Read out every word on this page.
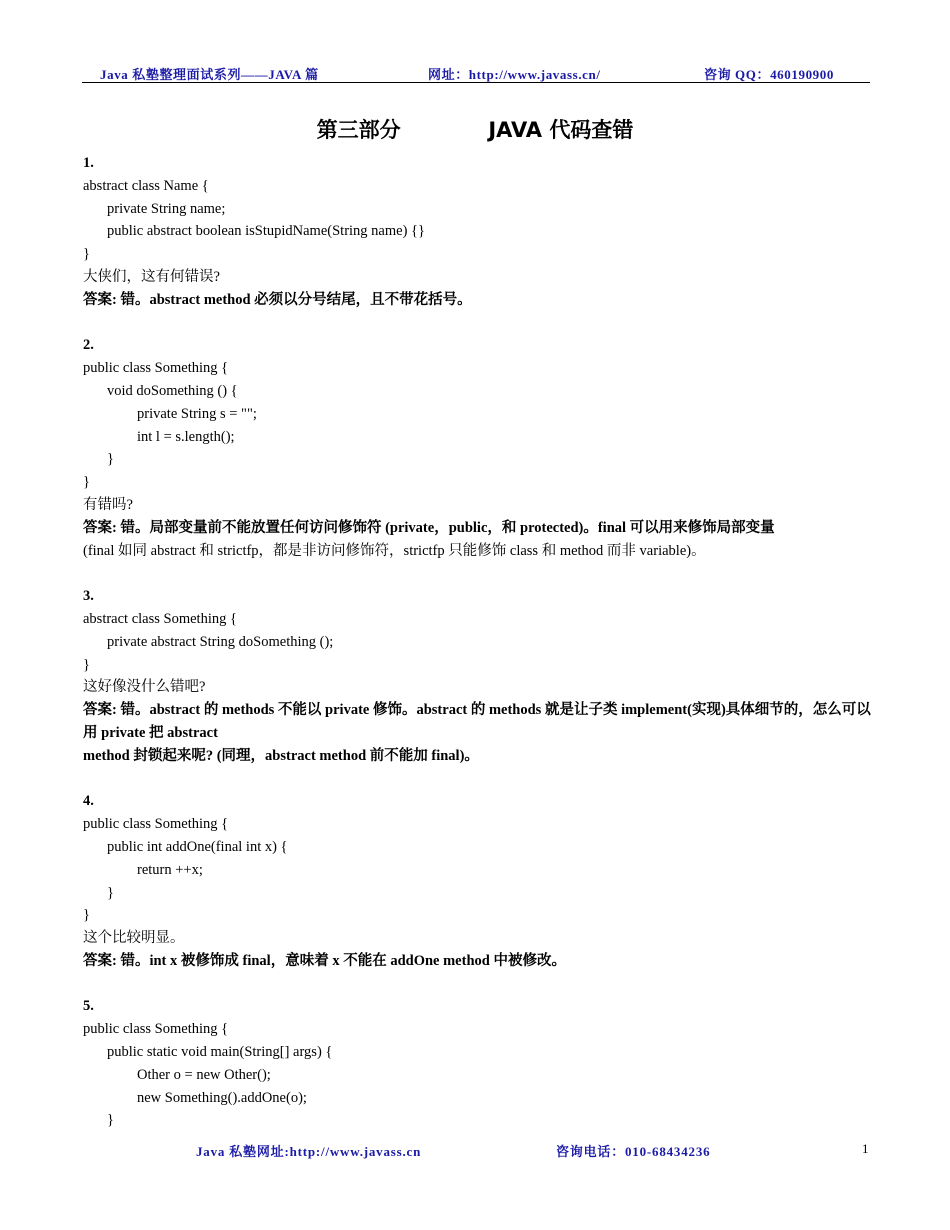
Java 私塾整理面试系列——JAVA 篇	网址：http://www.javass.cn/	咨询 QQ：460190900
第三部分            JAVA 代码查错
1.
abstract class Name {
private String name;
public abstract boolean isStupidName(String name) {}
}
大侠们，这有何错误?
答案: 错。abstract method 必须以分号结尾，且不带花括号。
2.
public class Something {
void doSomething () {
private String s = "";
int l = s.length();
}
}
有错吗?
答案: 错。局部变量前不能放置任何访问修饰符 (private，public，和 protected)。final 可以用来修饰局部变量
(final 如同 abstract 和 strictfp，都是非访问修饰符，strictfp 只能修饰 class 和 method 而非 variable)。
3.
abstract class Something {
private abstract String doSomething ();
}
这好像没什么错吧?
答案: 错。abstract 的 methods 不能以 private 修饰。abstract 的 methods 就是让子类 implement(实现)具体细节的，怎么可以用 private 把 abstract
method 封锁起来呢? (同理，abstract method 前不能加 final)。
4.
public class Something {
public int addOne(final int x) {
return ++x;
}
}
这个比较明显。
答案: 错。int x 被修饰成 final，意味着 x 不能在 addOne method 中被修改。
5.
public class Something {
public static void main(String[] args) {
Other o = new Other();
new Something().addOne(o);
}
Java 私塾网址:http://www.javass.cn	咨询电话：010-68434236	1
